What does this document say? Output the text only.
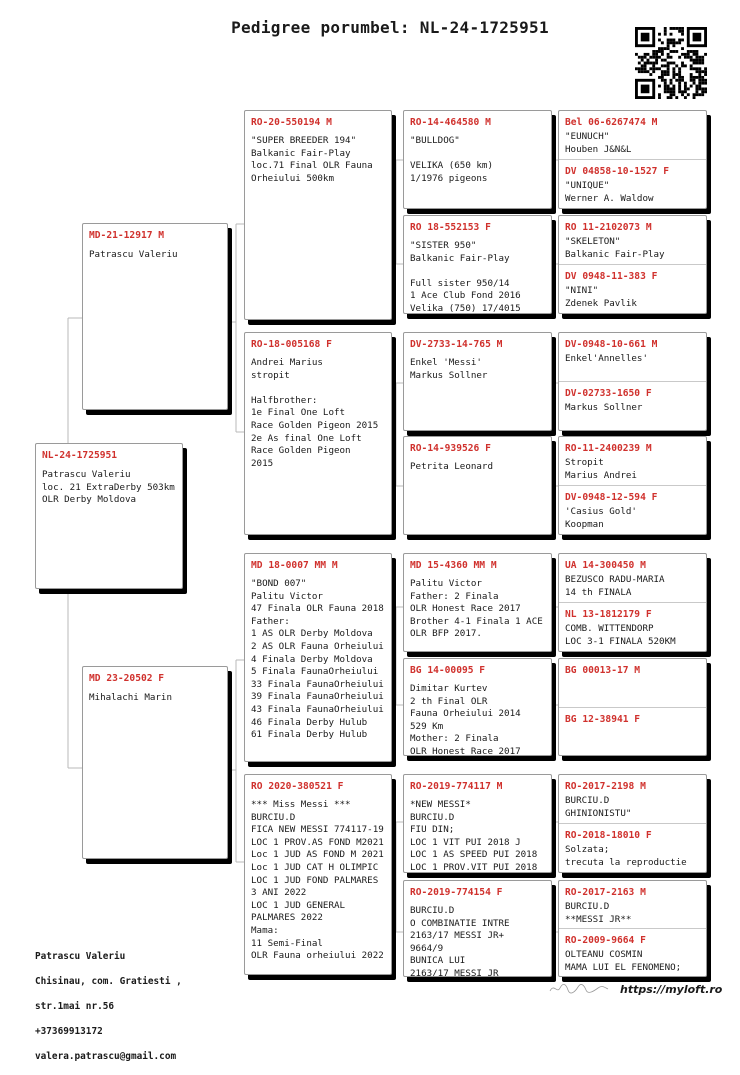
Pedigree porumbel: NL-24-1725951
NL-24-1725951
Patrascu Valeriu
loc. 21 ExtraDerby 503km
OLR Derby Moldova
MD-21-12917 M
Patrascu Valeriu
MD 23-20502 F
Mihalachi Marin
RO-20-550194 M
"SUPER BREEDER 194"
Balkanic Fair-Play
loc.71 Final OLR Fauna
Orheiului 500km
RO-18-005168 F
Andrei Marius
stropit

Halfbrother:
1e Final One Loft
Race Golden Pigeon 2015
2e As final One Loft
Race Golden Pigeon
2015
MD 18-0007 MM M
"BOND 007"
Palitu Victor
47 Finala OLR Fauna 2018
Father:
1 AS OLR Derby Moldova
2 AS OLR Fauna Orheiului
4 Finala Derby Moldova
5 Finala FaunaOrheiului
33 Finala FaunaOrheiului
39 Finala FaunaOrheiului
43 Finala FaunaOrheiului
46 Finala Derby Hulub
61 Finala Derby Hulub
RO 2020-380521 F
*** Miss Messi ***
BURCIU.D
FICA NEW MESSI 774117-19
LOC 1 PROV.AS FOND M2021
Loc 1 JUD AS FOND M 2021
Loc 1 JUD CAT H OLIMPIC
LOC 1 JUD FOND PALMARES
3 ANI 2022
LOC 1 JUD GENERAL
PALMARES 2022
Mama:
11 Semi-Final
OLR Fauna orheiului 2022
RO-14-464580 M
"BULLDOG"

VELIKA (650 km)
1/1976 pigeons
RO 18-552153 F
"SISTER 950"
Balkanic Fair-Play

Full sister 950/14
1 Ace Club Fond 2016
Velika (750) 17/4015
DV-2733-14-765 M
Enkel 'Messi'
Markus Sollner
RO-14-939526 F
Petrita Leonard
MD 15-4360 MM M
Palitu Victor
Father: 2 Finala
OLR Honest Race 2017
Brother 4-1 Finala 1 ACE
OLR BFP 2017.
BG 14-00095 F
Dimitar Kurtev
2 th Final OLR
Fauna Orheiului 2014
529 Km
Mother: 2 Finala
OLR Honest Race 2017
RO-2019-774117 M
*NEW MESSI*
BURCIU.D
FIU DIN;
LOC 1 VIT PUI 2018 J
LOC 1 AS SPEED PUI 2018
LOC 1 PROV.VIT PUI 2018
RO-2019-774154 F
BURCIU.D
O COMBINATIE INTRE
2163/17 MESSI JR+
9664/9
BUNICA LUI
2163/17 MESSI JR
Bel 06-6267474 M
"EUNUCH"
Houben J&N&L
DV 04858-10-1527 F
"UNIQUE"
Werner A. Waldow
RO 11-2102073 M
"SKELETON"
Balkanic Fair-Play
DV 0948-11-383 F
"NINI"
Zdenek Pavlik
DV-0948-10-661 M
Enkel'Annelles'
DV-02733-1650 F
Markus Sollner
RO-11-2400239 M
Stropit
Marius Andrei
DV-0948-12-594 F
'Casius Gold'
Koopman
UA 14-300450 M
BEZUSCO RADU-MARIA
14 th FINALA
NL 13-1812179 F
COMB. WITTENDORP
LOC 3-1 FINALA 520KM
BG 00013-17 M
BG 12-38941 F
RO-2017-2198 M
BURCIU.D
GHINIONISTU"
RO-2018-18010 F
Solzata;
trecuta la reproductie
RO-2017-2163 M
BURCIU.D
**MESSI JR**
RO-2009-9664 F
OLTEANU COSMIN
MAMA LUI EL FENOMENO;

Patrascu Valeriu

Chisinau, com. Gratiesti ,

str.1mai nr.56

+37369913172

valera.patrascu@gmail.com

https://myloft.ro
